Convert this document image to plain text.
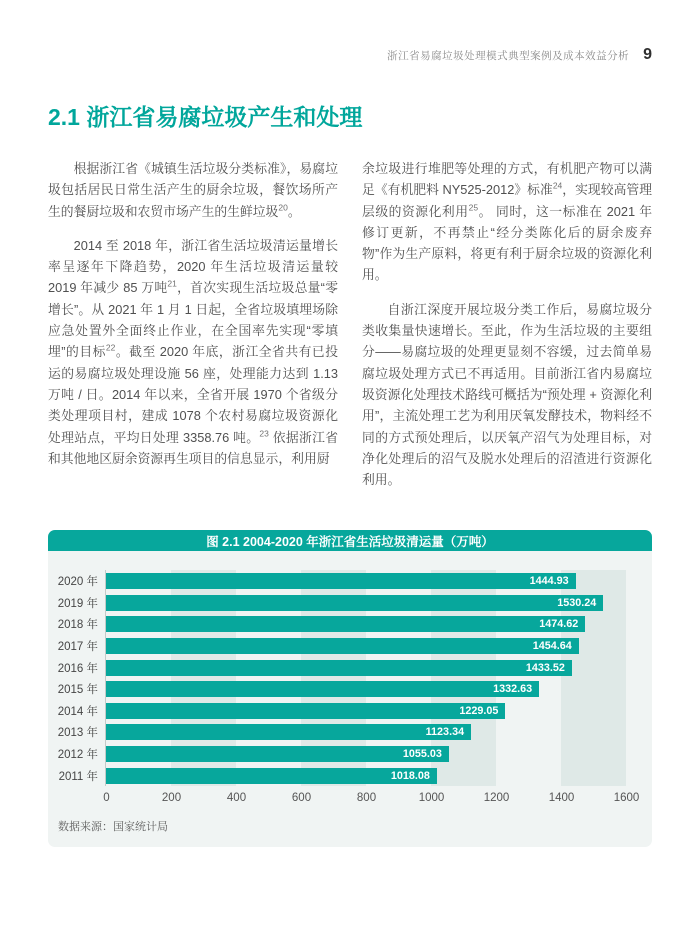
浙江省易腐垃圾处理模式典型案例及成本效益分析 9
2.1 浙江省易腐垃圾产生和处理

根据浙江省《城镇生活垃圾分类标准》，易腐垃圾包括居民日常生活产生的厨余垃圾，餐饮场所产生的餐厨垃圾和农贸市场产生的生鲜垃圾$^{20}$。

2014 至 2018 年，浙江省生活垃圾清运量增长率呈逐年下降趋势，2020 年生活垃圾清运量较 2019 年减少 85 万吨$^{21}$，首次实现生活垃圾总量“零增长”。从 2021 年 1 月 1 日起，全省垃圾填埋场除应急处置外全面终止作业，在全国率先实现“零填埋”的目标$^{22}$。截至 2020 年底，浙江全省共有已投运的易腐垃圾处理设施 56 座，处理能力达到 1.13 万吨 / 日。2014 年以来，全省开展 1970 个省级分类处理项目村，建成 1078 个农村易腐垃圾资源化处理站点，平均日处理 3358.76 吨。$^{23}$ 依据浙江省和其他地区厨余资源再生项目的信息显示，利用厨

余垃圾进行堆肥等处理的方式，有机肥产物可以满足《有机肥料 NY525-2012》标准$^{24}$，实现较高管理层级的资源化利用$^{25}$。 同时，这一标准在 2021 年修订更新，不再禁止“经分类陈化后的厨余废弃物”作为生产原料，将更有利于厨余垃圾的资源化利用。

自浙江深度开展垃圾分类工作后，易腐垃圾分类收集量快速增长。至此，作为生活垃圾的主要组分——易腐垃圾的处理更显刻不容缓，过去简单易腐垃圾处理方式已不再适用。目前浙江省内易腐垃圾资源化处理技术路线可概括为“预处理 + 资源化利用”，主流处理工艺为利用厌氧发酵技术，物料经不同的方式预处理后，以厌氧产沼气为处理目标，对净化处理后的沼气及脱水处理后的沼渣进行资源化利用。

图 2.1 2004-2020 年浙江省生活垃圾清运量（万吨）
2020 年
2019 年
2018 年
2017 年
2016 年
2015 年
2014 年
2013 年
2012 年
2011 年
1444.93
1530.24
1474.62
1454.64
1433.52
1332.63
1229.05
1123.34
1055.03
1018.08
0	200	400	600	800	1000	1200	1400	1600
数据来源：国家统计局
